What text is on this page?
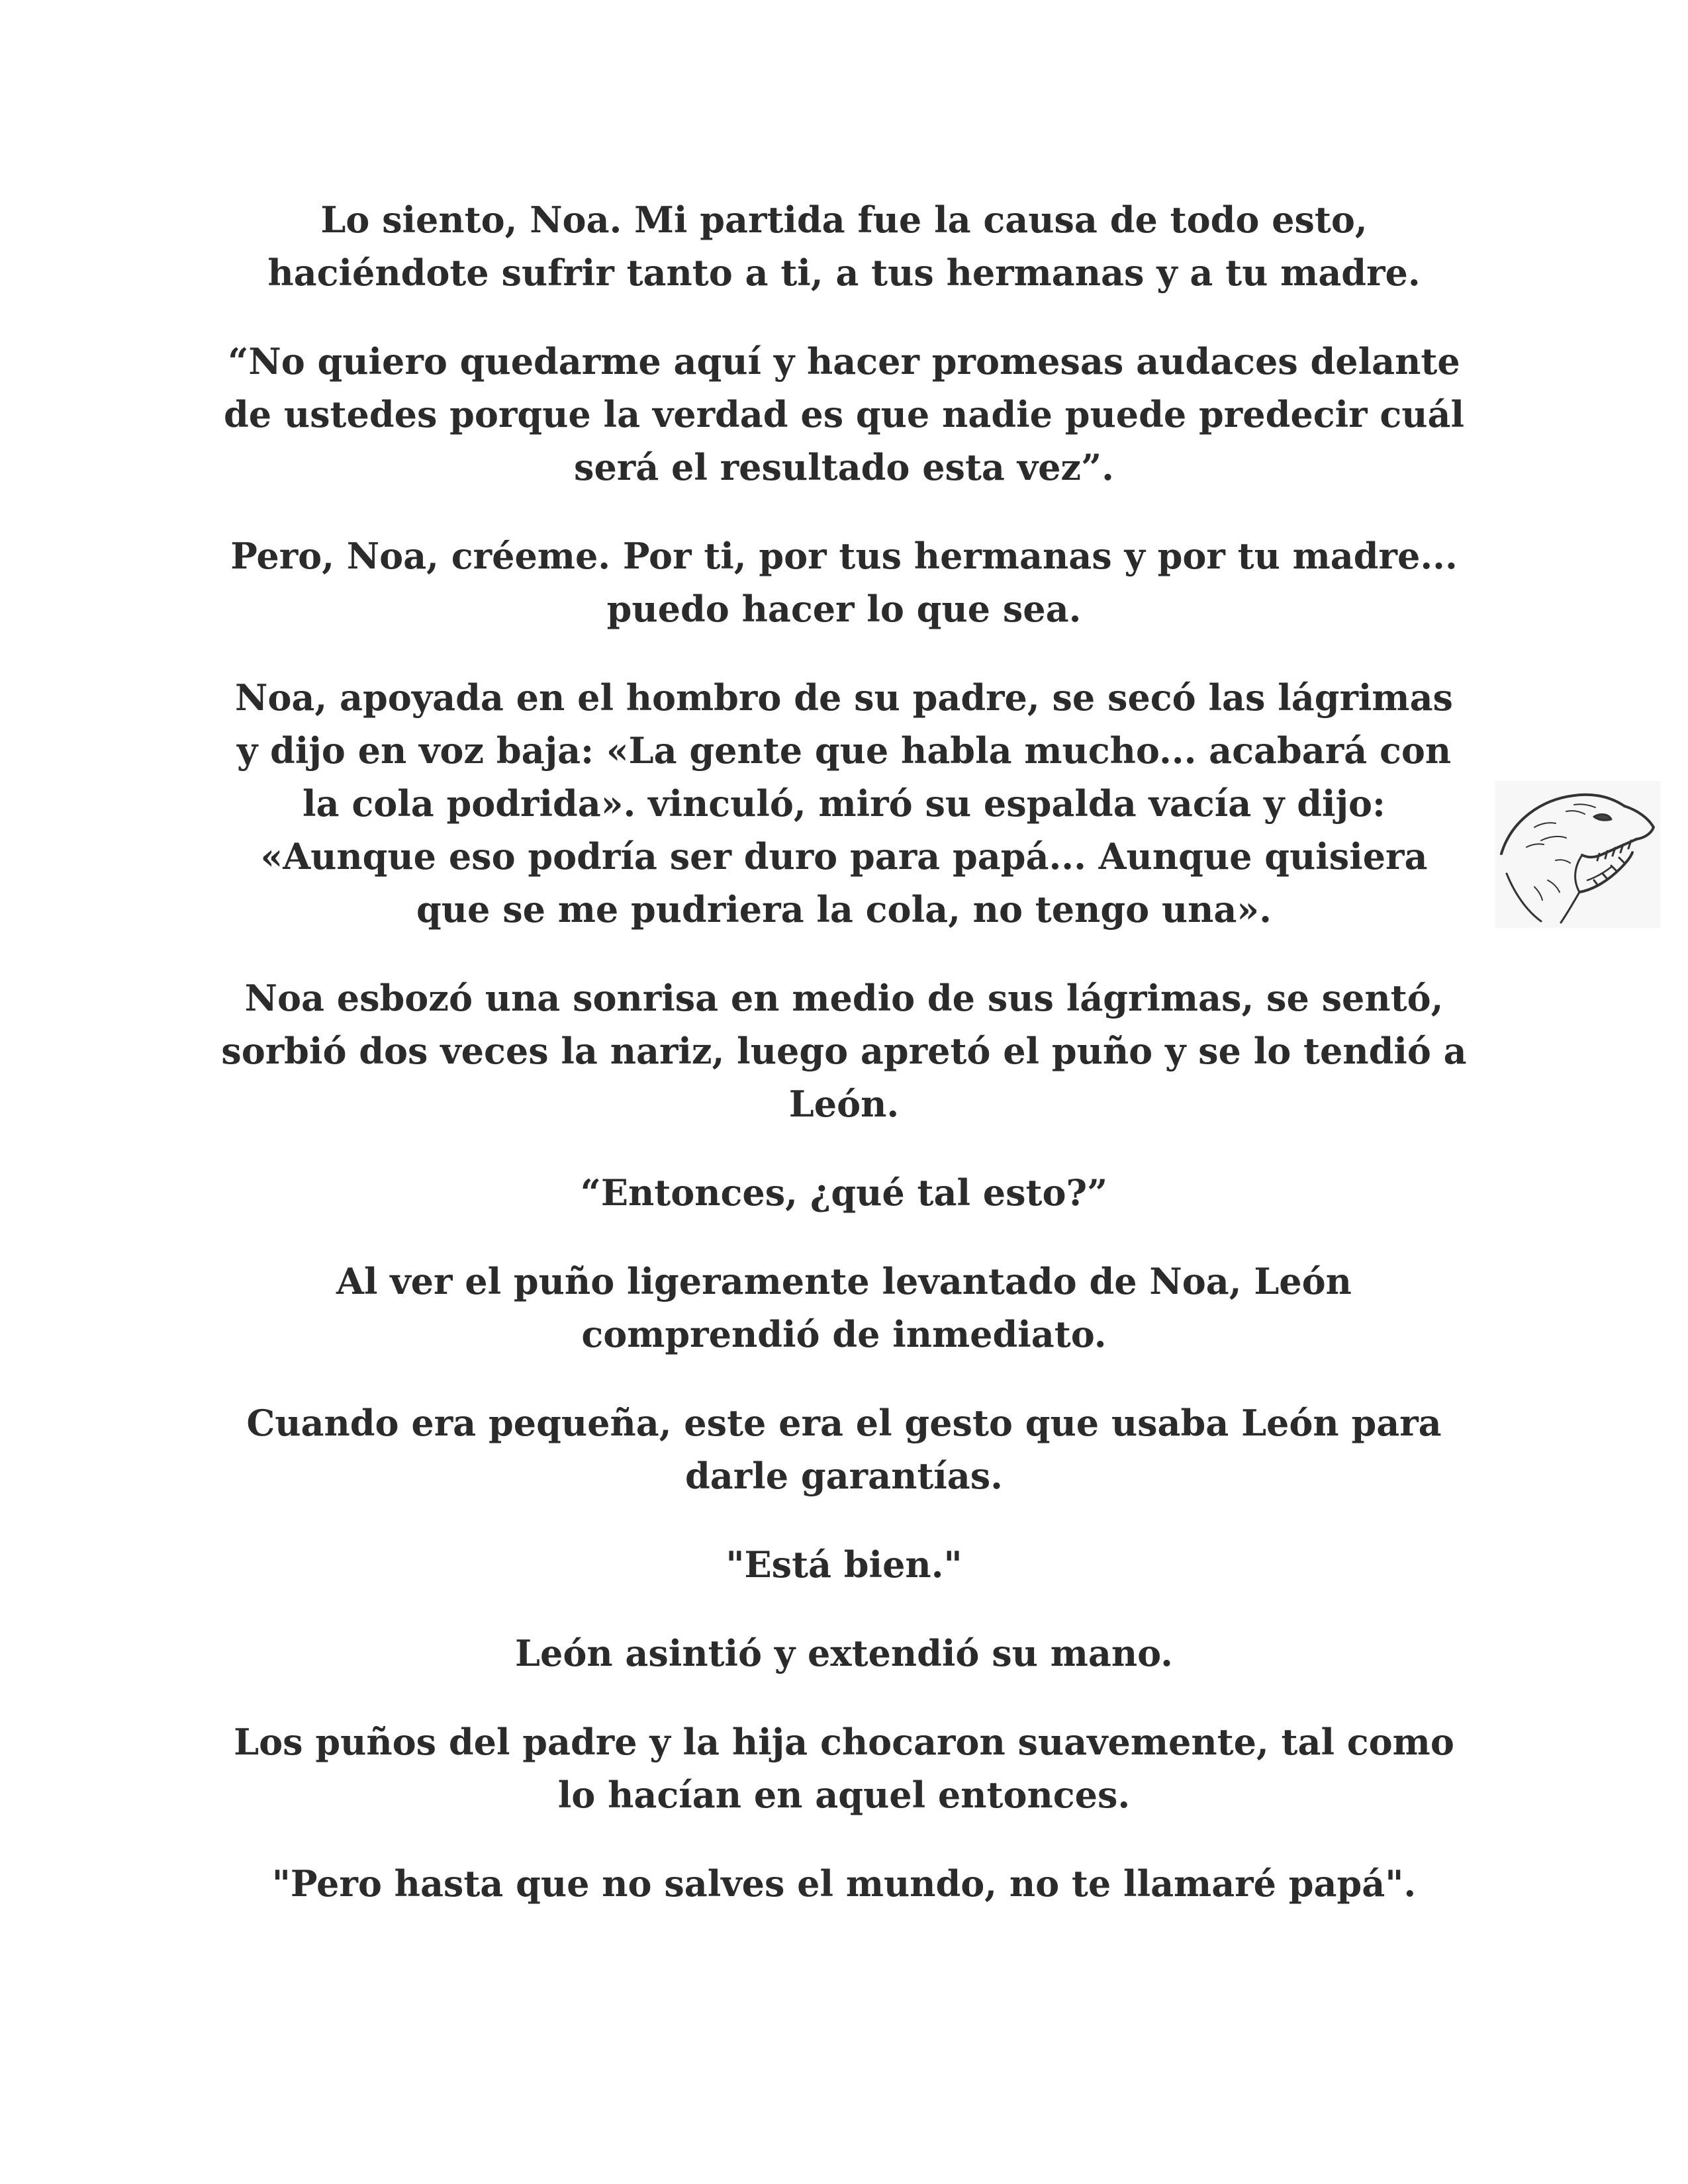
Lo siento, Noa. Mi partida fue la causa de todo esto, haciéndote sufrir tanto a ti, a tus hermanas y a tu madre.

“No quiero quedarme aquí y hacer promesas audaces delante de ustedes porque la verdad es que nadie puede predecir cuál será el resultado esta vez”.

Pero, Noa, créeme. Por ti, por tus hermanas y por tu madre... puedo hacer lo que sea.

Noa, apoyada en el hombro de su padre, se secó las lágrimas y dijo en voz baja: «La gente que habla mucho... acabará con la cola podrida». vinculó, miró su espalda vacía y dijo: «Aunque eso podría ser duro para papá... Aunque quisiera que se me pudriera la cola, no tengo una».

Noa esbozó una sonrisa en medio de sus lágrimas, se sentó, sorbió dos veces la nariz, luego apretó el puño y se lo tendió a León.

“Entonces, ¿qué tal esto?”

Al ver el puño ligeramente levantado de Noa, León comprendió de inmediato.

Cuando era pequeña, este era el gesto que usaba León para darle garantías.

"Está bien."

León asintió y extendió su mano.

Los puños del padre y la hija chocaron suavemente, tal como lo hacían en aquel entonces.

"Pero hasta que no salves el mundo, no te llamaré papá".
